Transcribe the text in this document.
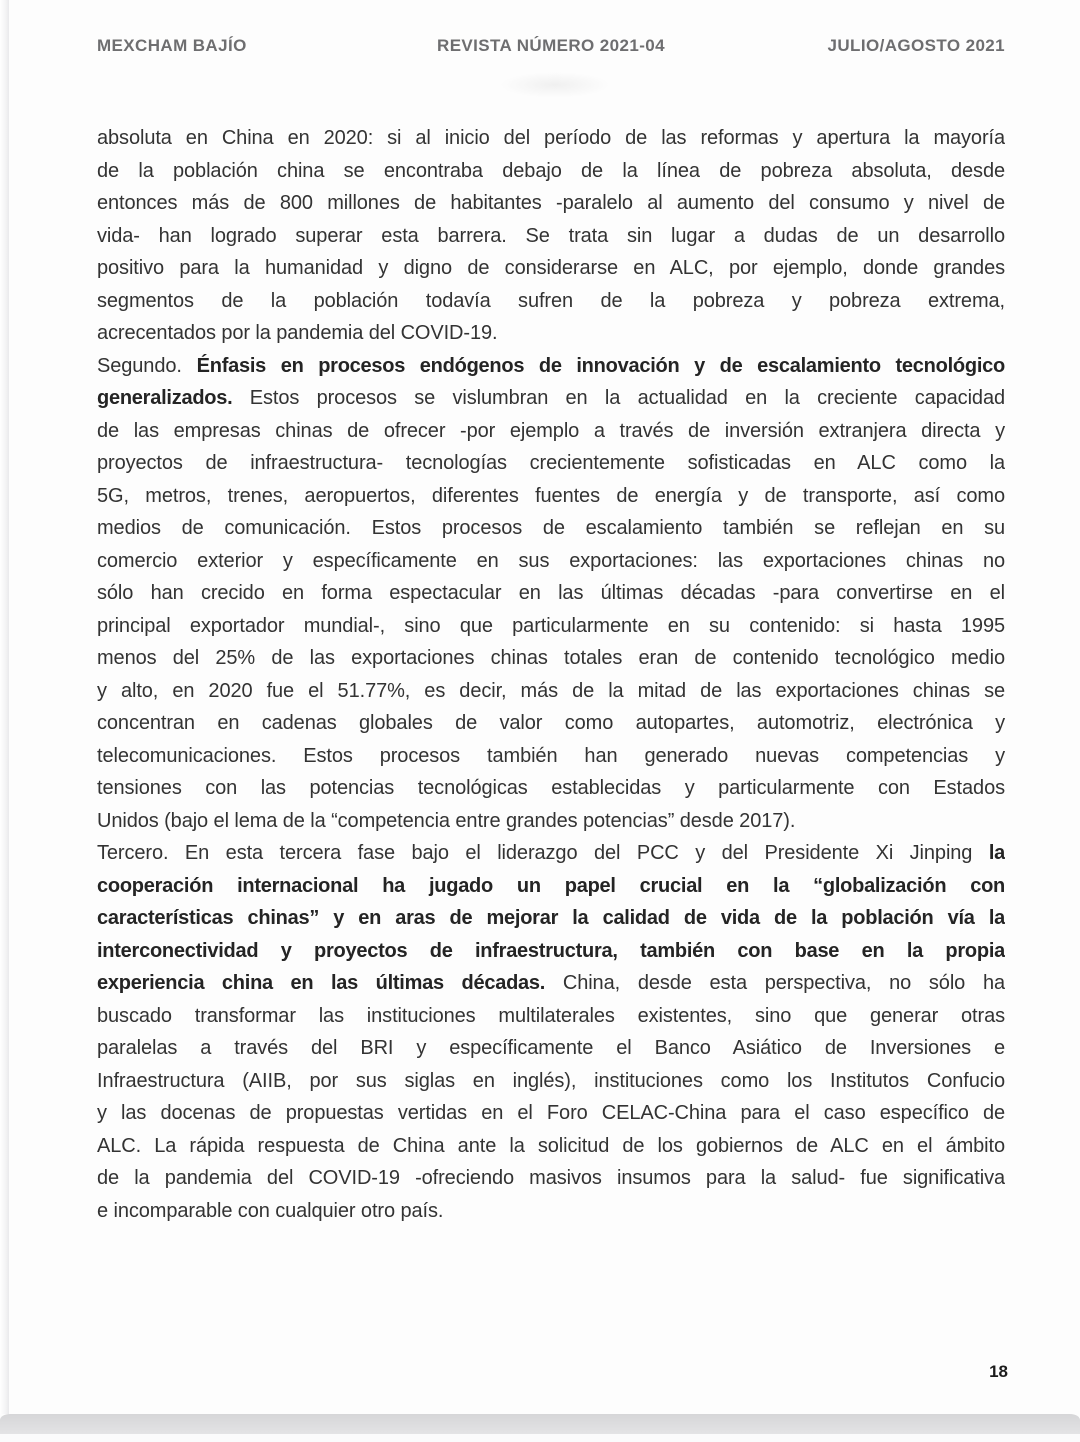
MEXCHAM BAJÍO	REVISTA NÚMERO 2021-04	JULIO/AGOSTO 2021
absoluta en China en 2020: si al inicio del período de las reformas y apertura la mayoría
de la población china se encontraba debajo de la línea de pobreza absoluta, desde
entonces más de 800 millones de habitantes -paralelo al aumento del consumo y nivel de
vida- han logrado superar esta barrera. Se trata sin lugar a dudas de un desarrollo
positivo para la humanidad y digno de considerarse en ALC, por ejemplo, donde grandes
segmentos de la población todavía sufren de la pobreza y pobreza extrema,
acrecentados por la pandemia del COVID-19.
Segundo. Énfasis en procesos endógenos de innovación y de escalamiento tecnológico
generalizados. Estos procesos se vislumbran en la actualidad en la creciente capacidad
de las empresas chinas de ofrecer -por ejemplo a través de inversión extranjera directa y
proyectos de infraestructura- tecnologías crecientemente sofisticadas en ALC como la
5G, metros, trenes, aeropuertos, diferentes fuentes de energía y de transporte, así como
medios de comunicación. Estos procesos de escalamiento también se reflejan en su
comercio exterior y específicamente en sus exportaciones: las exportaciones chinas no
sólo han crecido en forma espectacular en las últimas décadas -para convertirse en el
principal exportador mundial-, sino que particularmente en su contenido: si hasta 1995
menos del 25% de las exportaciones chinas totales eran de contenido tecnológico medio
y alto, en 2020 fue el 51.77%, es decir, más de la mitad de las exportaciones chinas se
concentran en cadenas globales de valor como autopartes, automotriz, electrónica y
telecomunicaciones. Estos procesos también han generado nuevas competencias y
tensiones con las potencias tecnológicas establecidas y particularmente con Estados
Unidos (bajo el lema de la “competencia entre grandes potencias” desde 2017).
Tercero. En esta tercera fase bajo el liderazgo del PCC y del Presidente Xi Jinping la
cooperación internacional ha jugado un papel crucial en la “globalización con
características chinas” y en aras de mejorar la calidad de vida de la población vía la
interconectividad y proyectos de infraestructura, también con base en la propia
experiencia china en las últimas décadas. China, desde esta perspectiva, no sólo ha
buscado transformar las instituciones multilaterales existentes, sino que generar otras
paralelas a través del BRI y específicamente el Banco Asiático de Inversiones e
Infraestructura (AIIB, por sus siglas en inglés), instituciones como los Institutos Confucio
y las docenas de propuestas vertidas en el Foro CELAC-China para el caso específico de
ALC. La rápida respuesta de China ante la solicitud de los gobiernos de ALC en el ámbito
de la pandemia del COVID-19 -ofreciendo masivos insumos para la salud- fue significativa
e incomparable con cualquier otro país.
18
